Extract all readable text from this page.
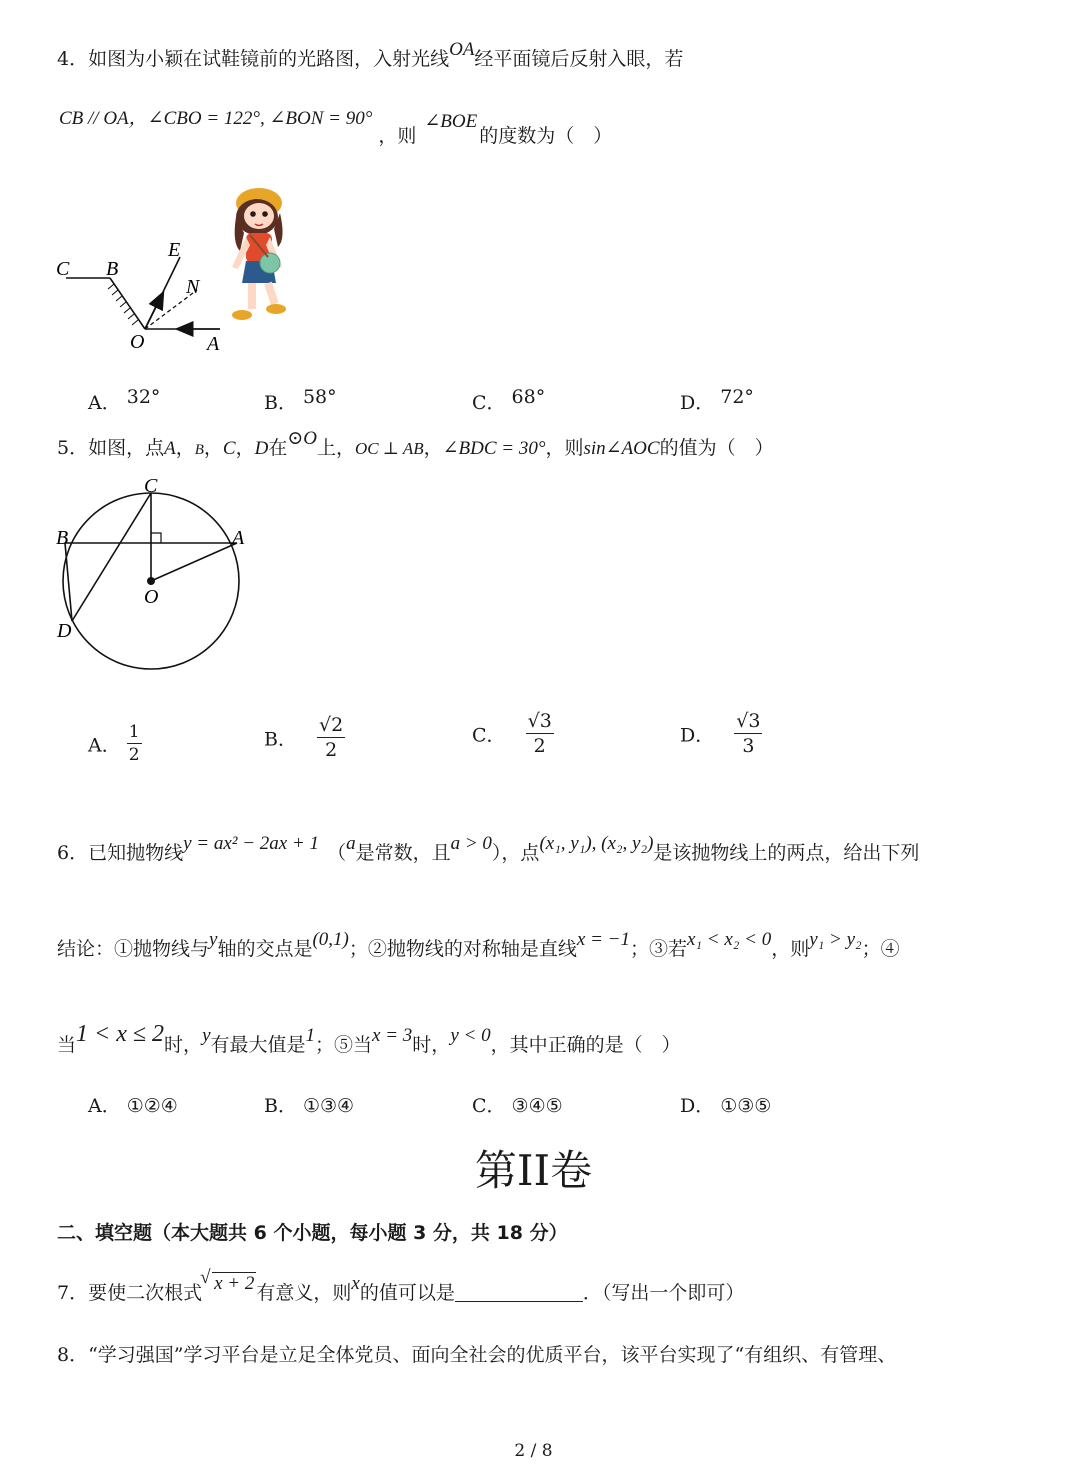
4．如图为小颖在试鞋镜前的光路图，入射光线OA经平面镜后反射入眼，若
CB // OA，∠CBO = 122°, ∠BON = 90°，则∠BOE的度数为（　）
C B
E
N
O	A
A． 32°	B． 58°	C． 68°	D． 72°
5．如图，点A，B，C，D在⊙O上，OC ⊥ AB，∠BDC = 30°，则sin∠AOC的值为（　）
C
B	A
O
D
A． $\frac{1}{2}$	B． $\frac{√2}{2}$	C． $\frac{√3}{2}$	D． $\frac{√3}{3}$
6．已知抛物线y = ax² − 2ax + 1 （a是常数，且a > 0），点(x₁, y₁), (x₂, y₂)是该抛物线上的两点，给出下列
结论：①抛物线与y轴的交点是(0,1)；②抛物线的对称轴是直线x = −1；③若x₁ < x₂ < 0，则y₁ > y₂；④
当1 < x ≤ 2时，y有最大值是1；⑤当x = 3时，y < 0，其中正确的是（　）
A． ①②④	B． ①③④	C． ③④⑤	D． ①③⑤
第II卷
二、填空题（本大题共 6 个小题，每小题 3 分，共 18 分）
7．要使二次根式
√ x + 2 有意义，则x的值可以是	．（写出一个即可）
8．“学习强国”学习平台是立足全体党员、面向全社会的优质平台，该平台实现了“有组织、有管理、
2 / 8
